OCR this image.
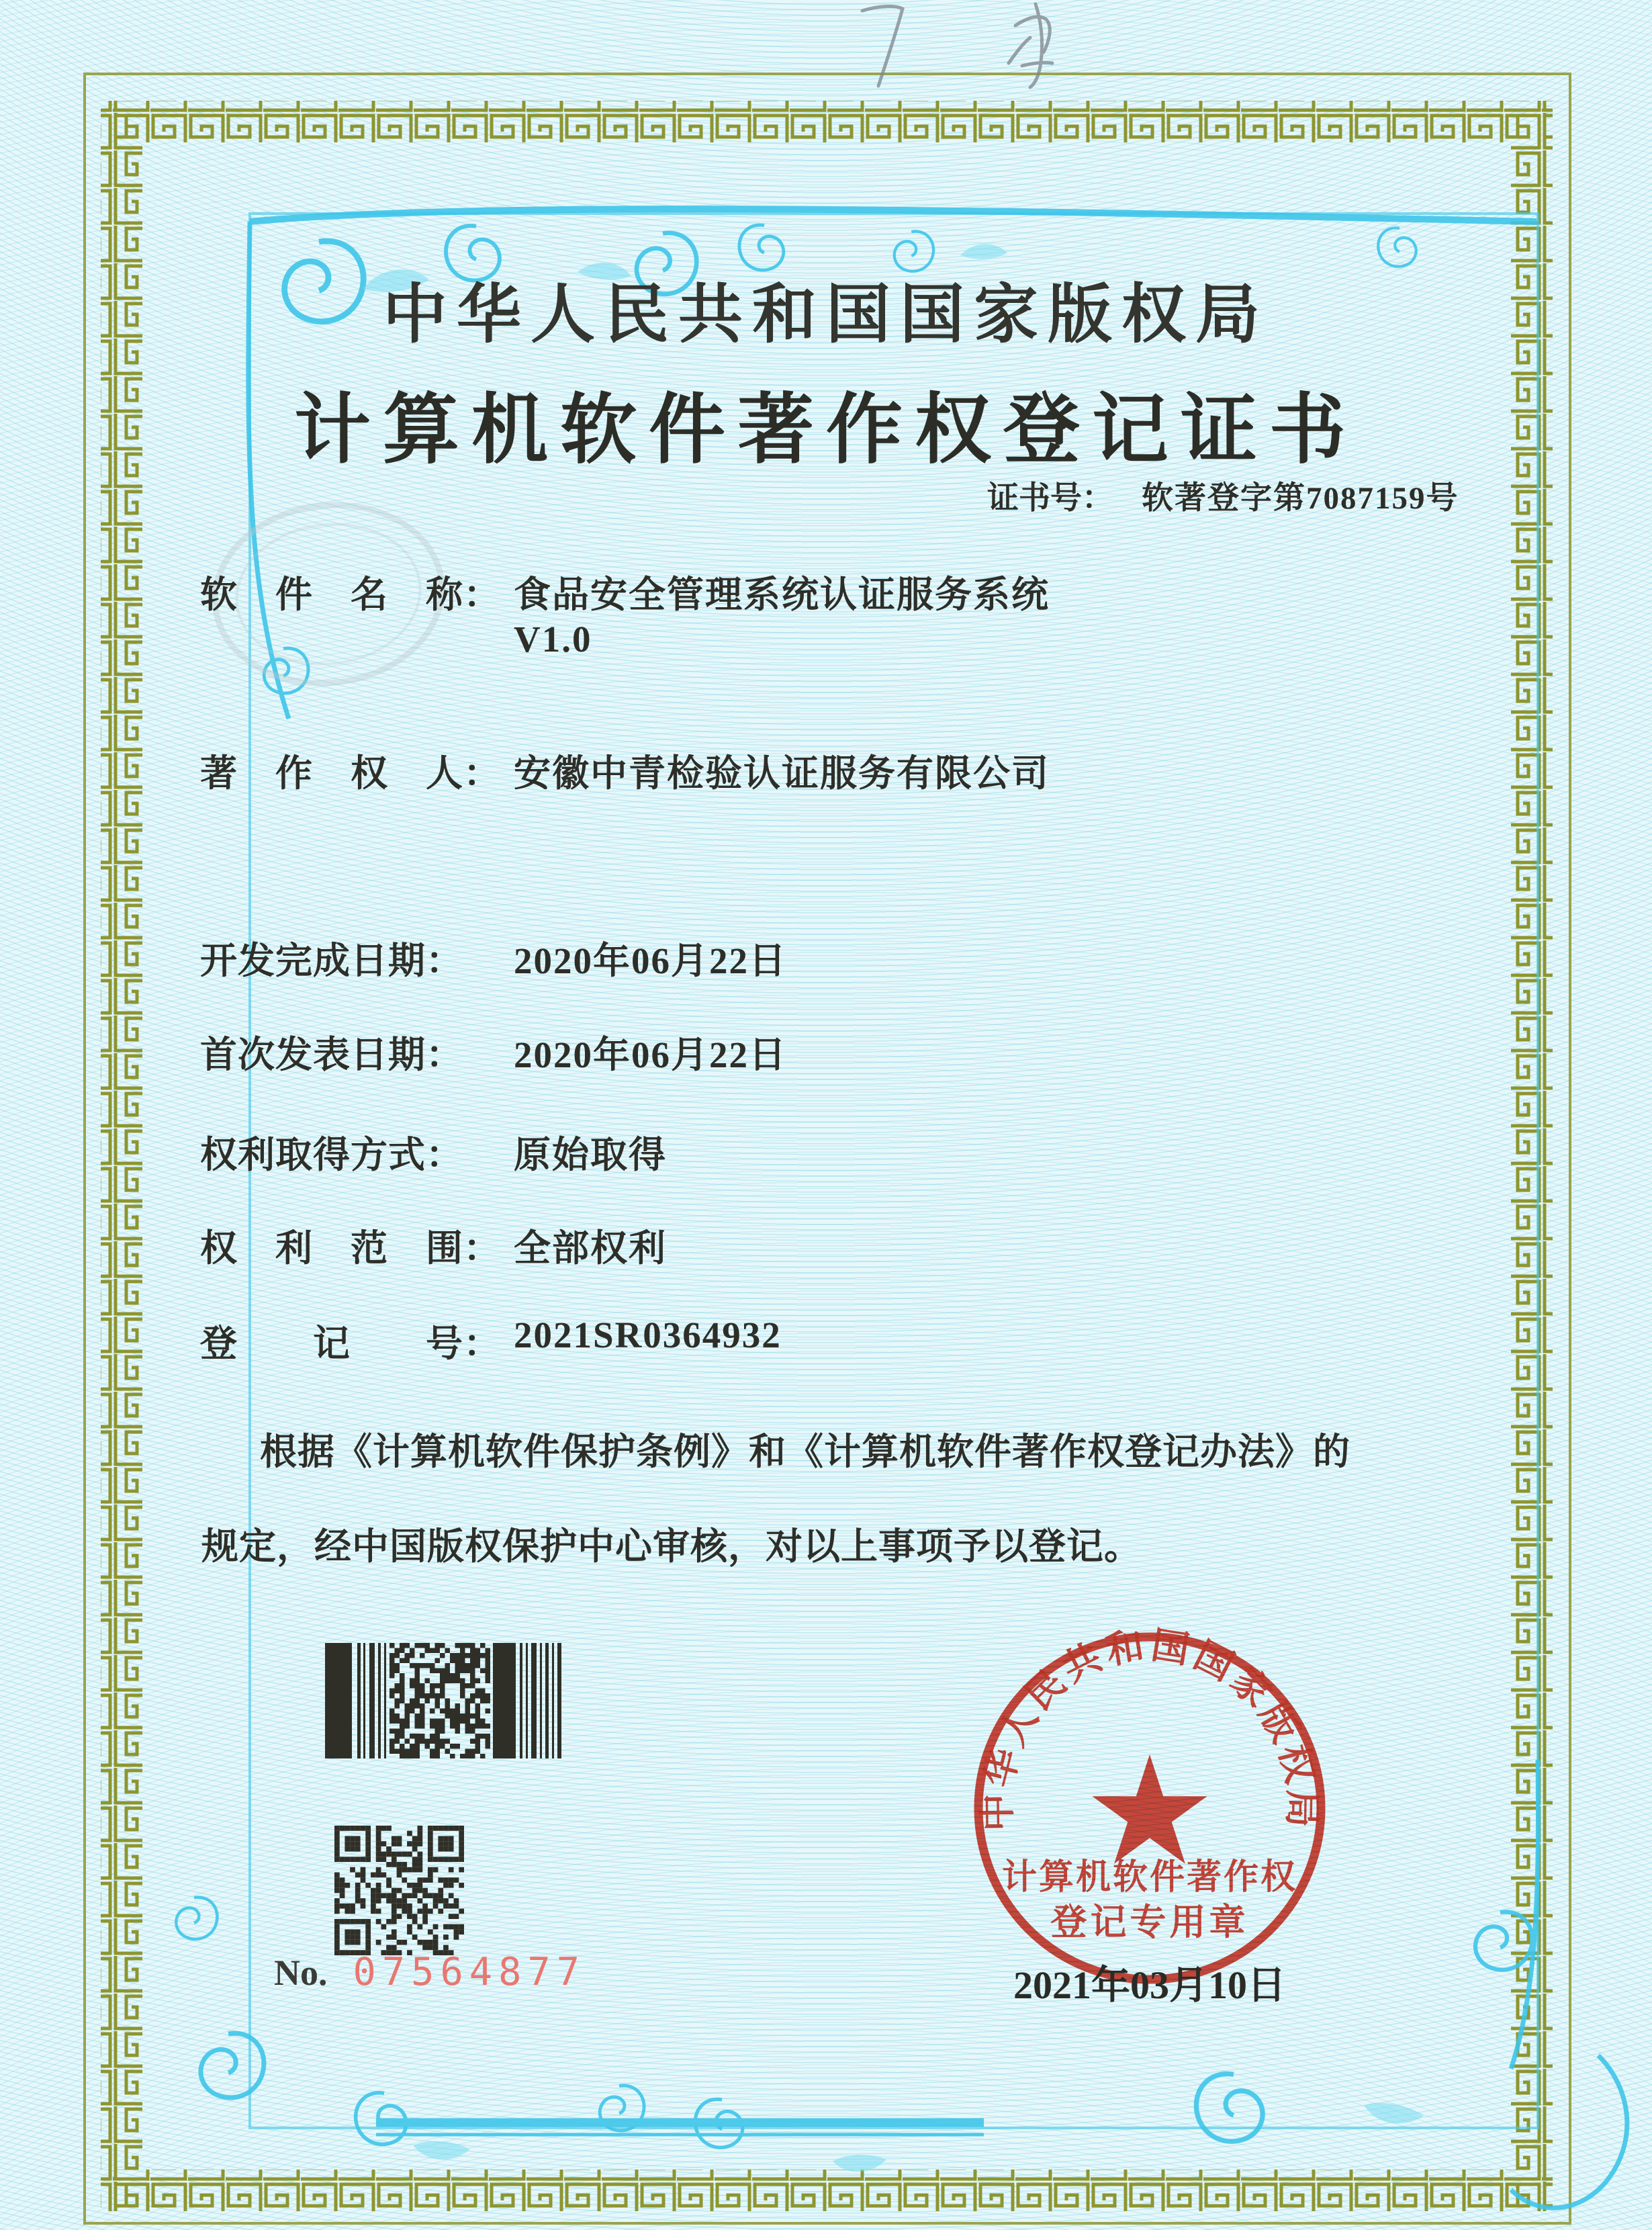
中华人民共和国国家版权局
计算机软件著作权登记证书
证书号： 软著登字第7087159号
软　件　名　称： 食品安全管理系统认证服务系统
V1.0
著　作　权　人： 安徽中青检验认证服务有限公司
开发完成日期： 2020年06月22日
首次发表日期： 2020年06月22日
权利取得方式： 原始取得
权　利　范　围： 全部权利
登　　记　　号： 2021SR0364932
根据《计算机软件保护条例》和《计算机软件著作权登记办法》的
规定，经中国版权保护中心审核，对以上事项予以登记。
No. 07564877
中华人民共和国国家版权局
计算机软件著作权
登记专用章
2021年03月10日
